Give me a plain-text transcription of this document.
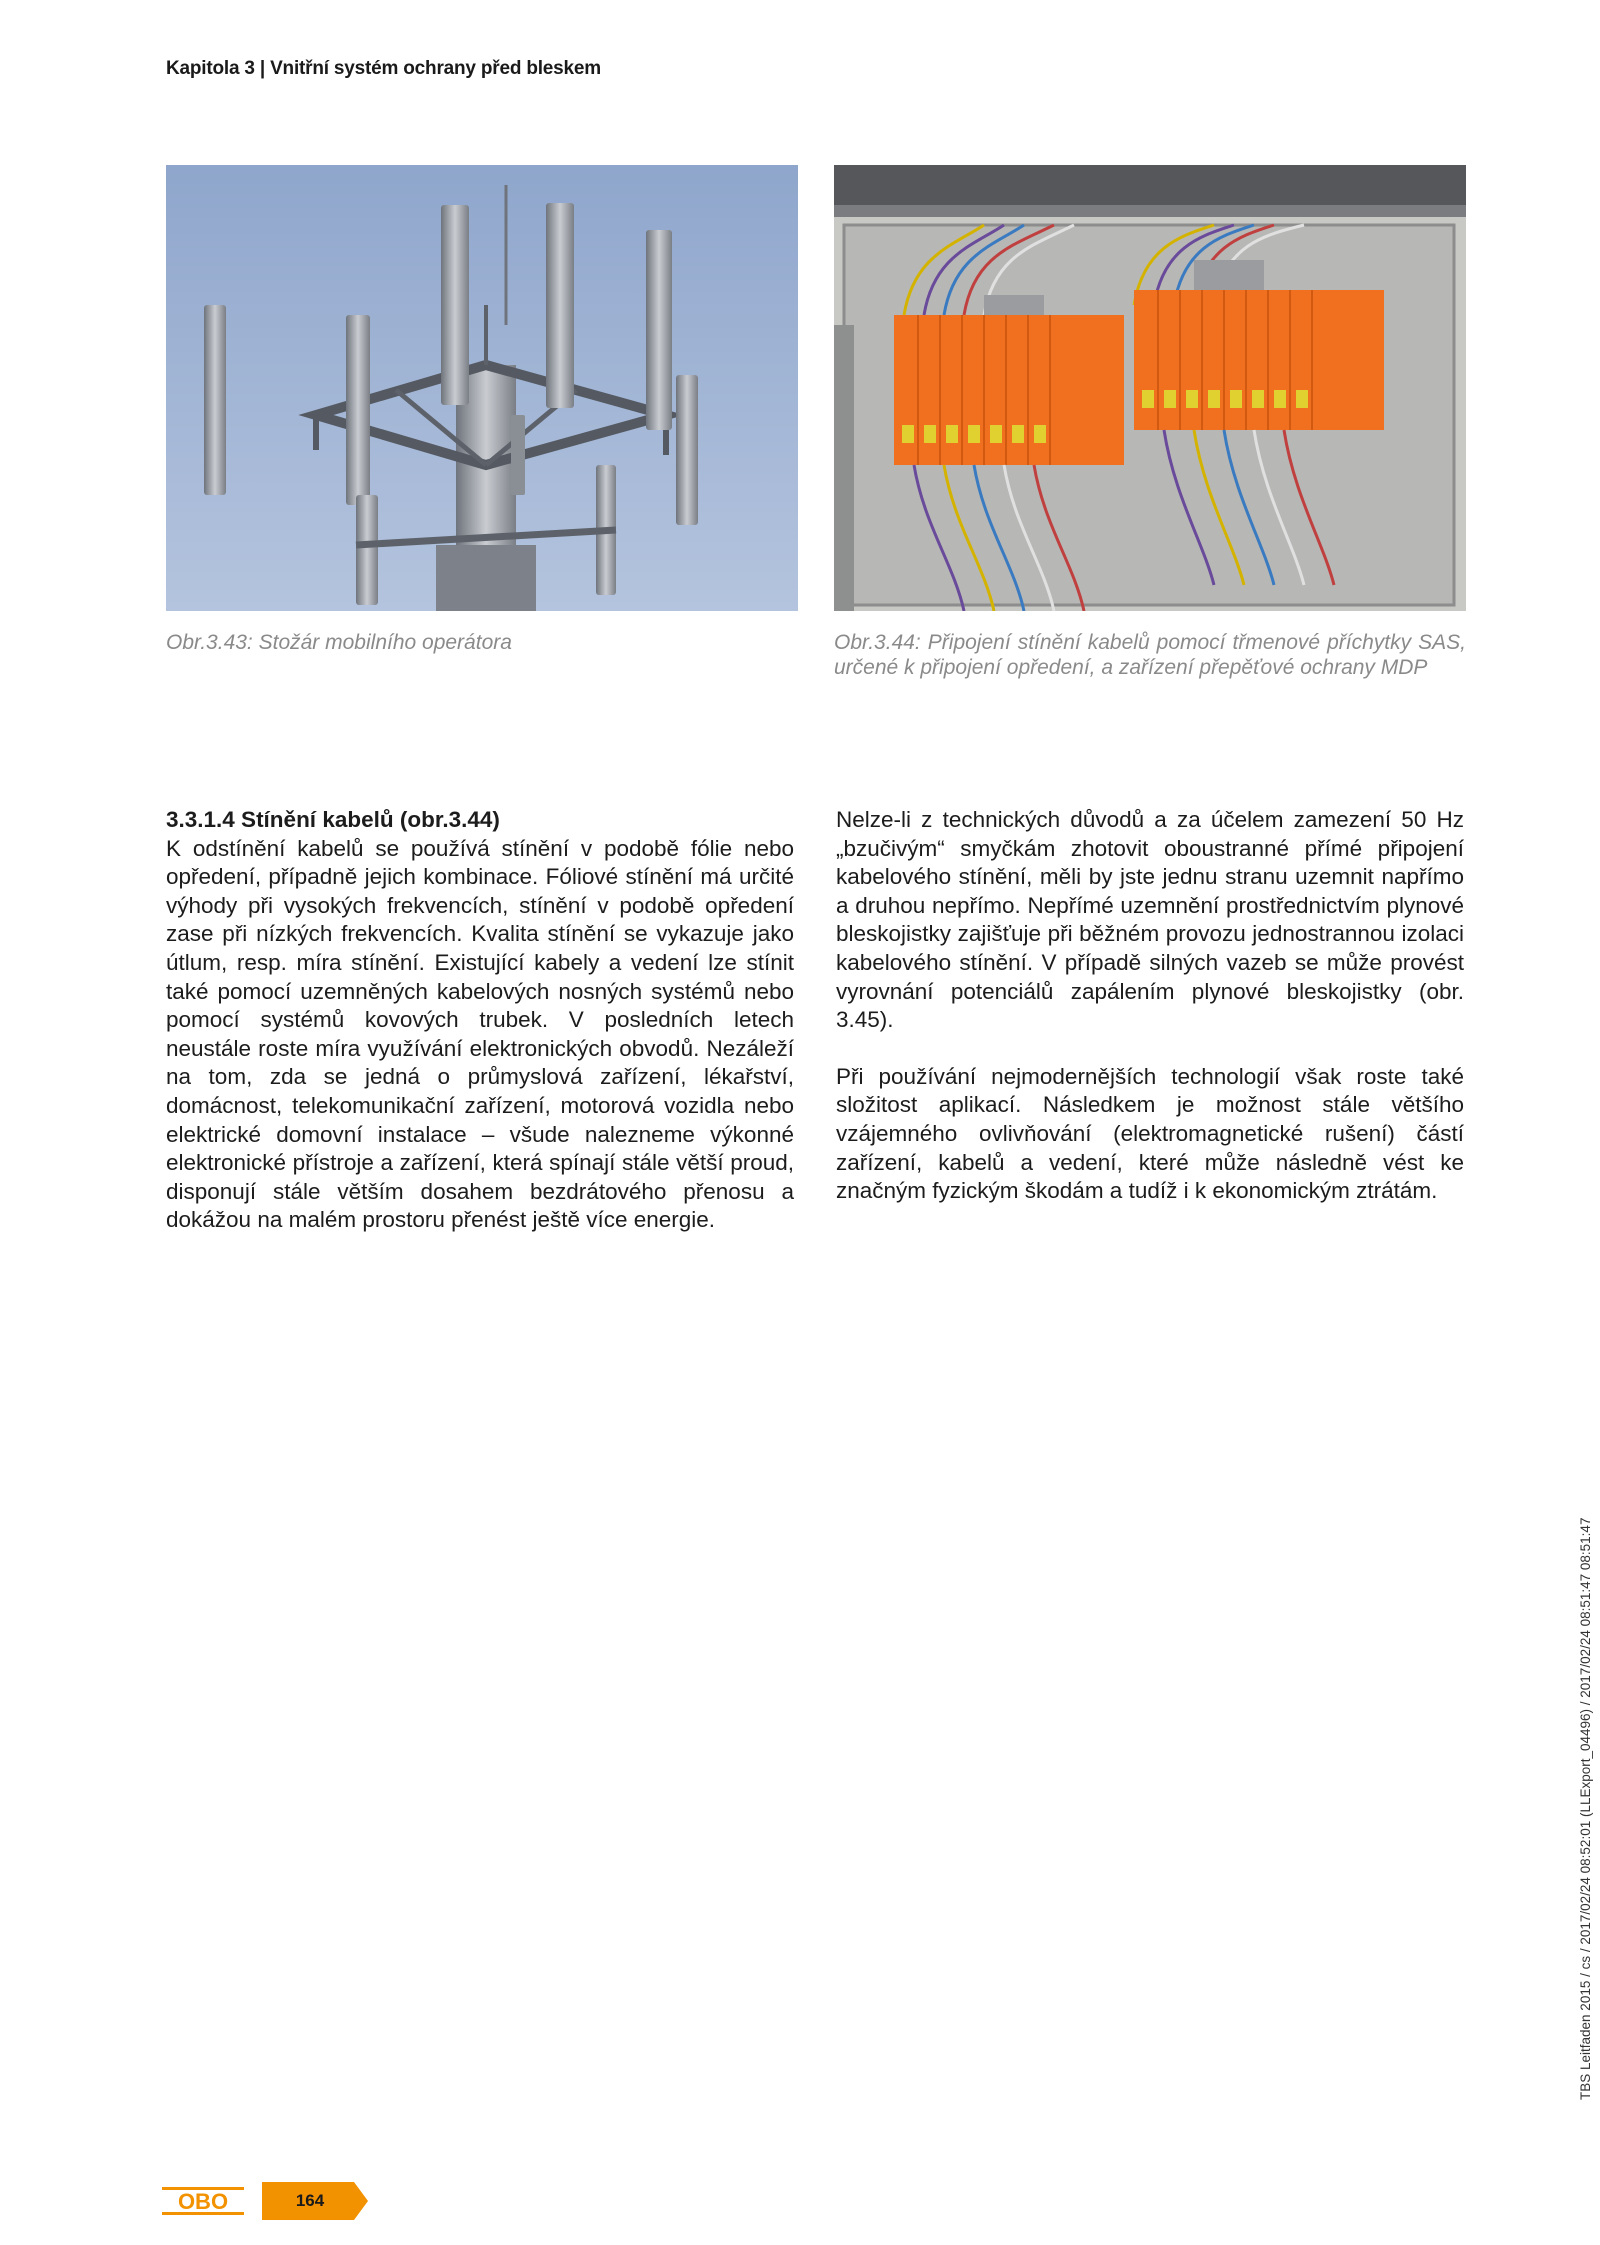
Kapitola 3 | Vnitřní systém ochrany před bleskem
Obr.3.43: Stožár mobilního operátora	Obr.3.44: Připojení stínění kabelů pomocí třmenové příchytky SAS, určené k připojení opředení, a zařízení přepěťové ochrany MDP
3.3.1.4 Stínění kabelů (obr.3.44)

K odstínění kabelů se používá stínění v podobě fólie nebo opředení, případně jejich kombinace. Fóliové stínění má určité výhody při vysokých frekvencích, stínění v podobě opředení zase při nízkých frekvencích. Kvalita stínění se vykazuje jako útlum, resp. míra stínění. Existující kabely a vedení lze stínit také pomocí uzemněných kabelových nosných systémů nebo pomocí systémů kovových trubek. V posledních letech neustále roste míra využívání elektronických obvodů. Nezáleží na tom, zda se jedná o průmyslová zařízení, lékařství, domácnost, telekomunikační zařízení, motorová vozidla nebo elektrické domovní instalace – všude nalezneme výkonné elektronické přístroje a zařízení, která spínají stále větší proud, disponují stále větším dosahem bezdrátového přenosu a dokážou na malém prostoru přenést ještě více energie.

Nelze-li z technických důvodů a za účelem zamezení 50 Hz „bzučivým“ smyčkám zhotovit oboustranné přímé připojení kabelového stínění, měli by jste jednu stranu uzemnit napřímo a druhou nepřímo. Nepřímé uzemnění prostřednictvím plynové bleskojistky zajišťuje při běžném provozu jednostrannou izolaci kabelového stínění. V případě silných vazeb se může provést vyrovnání potenciálů zapálením plynové bleskojistky (obr. 3.45).

Při používání nejmodernějších technologií však roste také složitost aplikací. Následkem je možnost stále většího vzájemného ovlivňování (elektromagnetické rušení) částí zařízení, kabelů a vedení, které může následně vést ke značným fyzickým škodám a tudíž i k ekonomickým ztrátám.

TBS Leitfaden 2015 / cs / 2017/02/24 08:52:01 (LLExport_04496) / 2017/02/24 08:51:47 08:51:47
OBO	164
